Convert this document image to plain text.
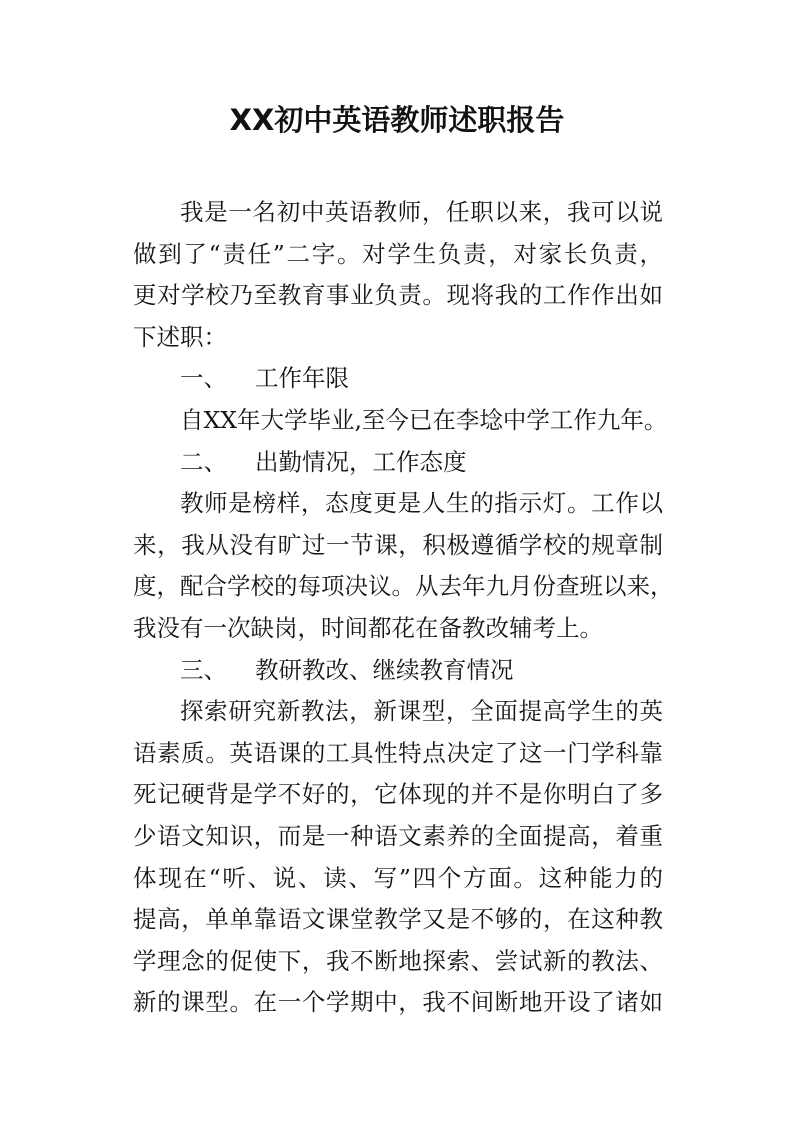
XX初中英语教师述职报告
我是一名初中英语教师，任职以来，我可以说
做到了“责任”二字。对学生负责，对家长负责，
更对学校乃至教育事业负责。现将我的工作作出如
下述职：
一、 工作年限
自XX年大学毕业,至今已在李埝中学工作九年。
二、 出勤情况，工作态度
教师是榜样，态度更是人生的指示灯。工作以
来，我从没有旷过一节课，积极遵循学校的规章制
度，配合学校的每项决议。从去年九月份查班以来，
我没有一次缺岗，时间都花在备教改辅考上。
三、 教研教改、继续教育情况
探索研究新教法，新课型，全面提高学生的英
语素质。英语课的工具性特点决定了这一门学科靠
死记硬背是学不好的，它体现的并不是你明白了多
少语文知识，而是一种语文素养的全面提高，着重
体现在“听、说、读、写”四个方面。这种能力的
提高，单单靠语文课堂教学又是不够的，在这种教
学理念的促使下，我不断地探索、尝试新的教法、
新的课型。在一个学期中，我不间断地开设了诸如
